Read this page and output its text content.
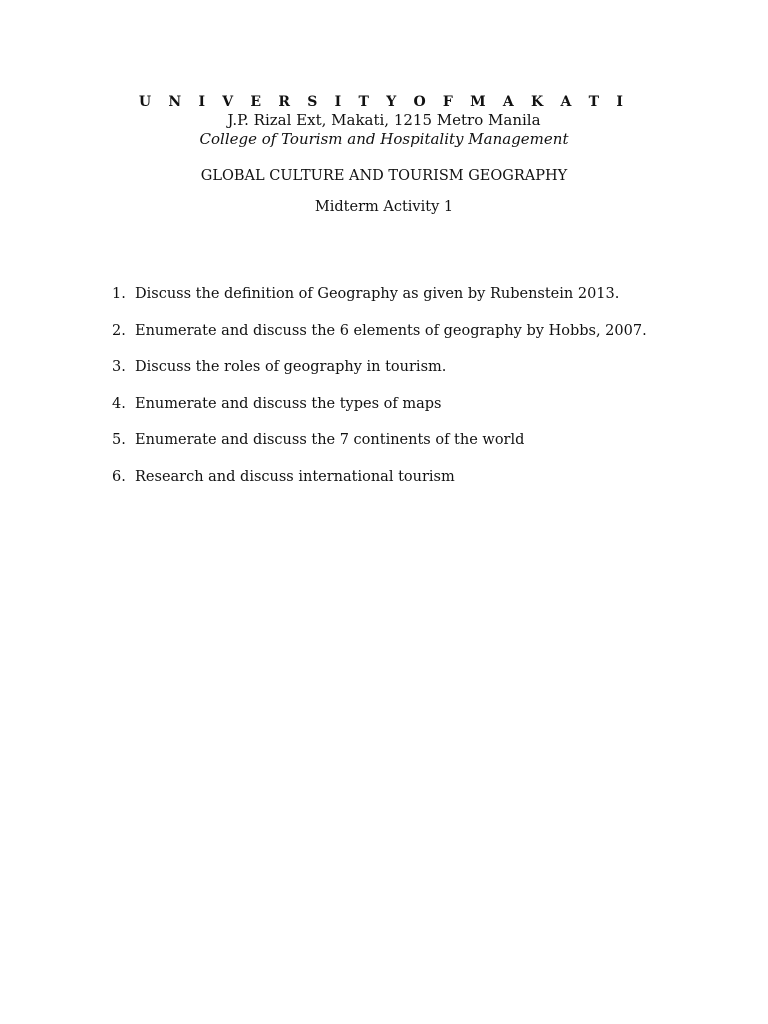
U N I V E R S I T Y O F M A K A T I

J.P. Rizal Ext, Makati, 1215 Metro Manila

College of Tourism and Hospitality Management

GLOBAL CULTURE AND TOURISM GEOGRAPHY

Midterm Activity 1

1. Discuss the definition of Geography as given by Rubenstein 2013.
2. Enumerate and discuss the 6 elements of geography by Hobbs, 2007.
3. Discuss the roles of geography in tourism.
4. Enumerate and discuss the types of maps
5. Enumerate and discuss the 7 continents of the world
6. Research and discuss international tourism
